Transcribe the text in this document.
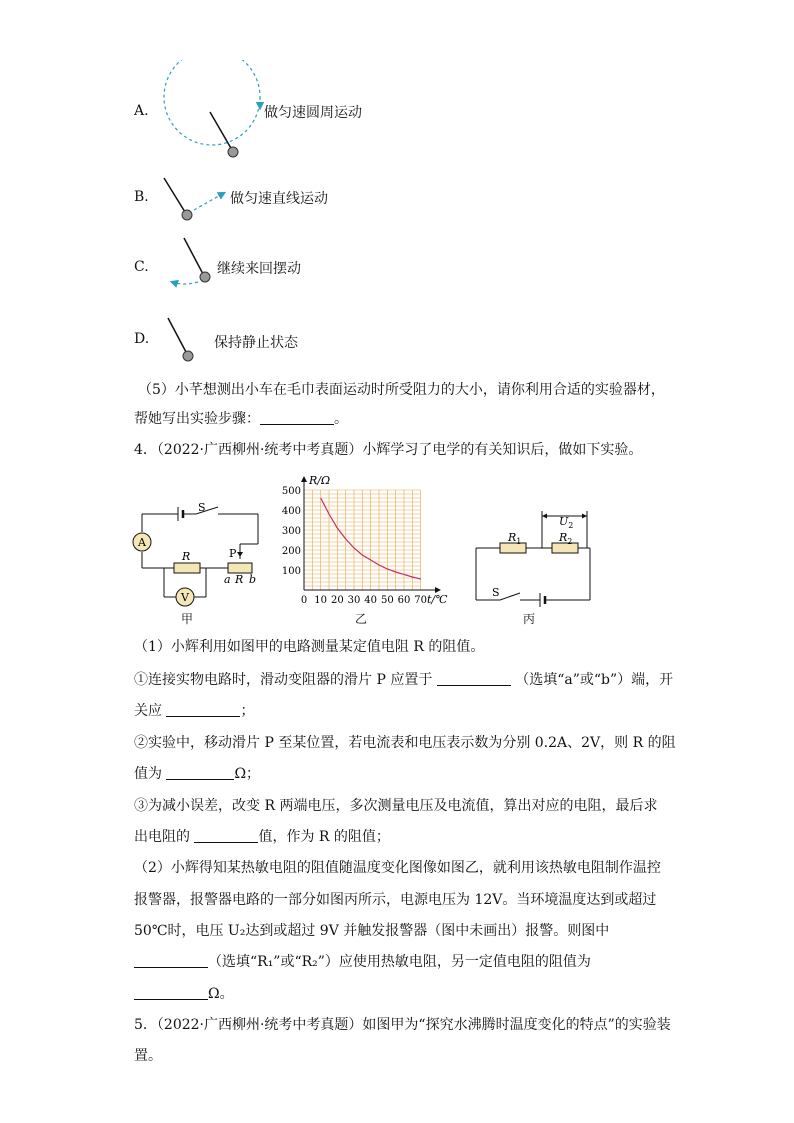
A.
B.
C.
D.
做匀速圆周运动
做匀速直线运动
继续来回摆动
保持静止状态
（5）小芊想测出小车在毛巾表面运动时所受阻力的大小，请你利用合适的实验器材，
帮她写出实验步骤：	。
4．（2022·广西柳州·统考中考真题）小辉学习了电学的有关知识后，做如下实验。
A
V
S
R	P
a R b
甲
0 10 20 30 40 50 60 70
100
200
300
400
500
R/Ω
t/℃
乙
$U_2$
$R_1$	$R_2$
S
丙
（1）小辉利用如图甲的电路测量某定值电阻 R 的阻值。
①连接实物电路时，滑动变阻器的滑片 P 应置于	（选填“a”或“b”）端，开
关应	；
②实验中，移动滑片 P 至某位置，若电流表和电压表示数为分别 0.2A、2V，则 R 的阻
值为	Ω；
③为减小误差，改变 R 两端电压，多次测量电压及电流值，算出对应的电阻，最后求
出电阻的	值，作为 R 的阻值；
（2）小辉得知某热敏电阻的阻值随温度变化图像如图乙，就利用该热敏电阻制作温控
报警器，报警器电路的一部分如图丙所示，电源电压为 12V。当环境温度达到或超过
50℃时，电压 U₂达到或超过 9V 并触发报警器（图中未画出）报警。则图中
（选填“R₁”或“R₂”）应使用热敏电阻，另一定值电阻的阻值为
Ω。
5．（2022·广西柳州·统考中考真题）如图甲为“探究水沸腾时温度变化的特点”的实验装
置。
